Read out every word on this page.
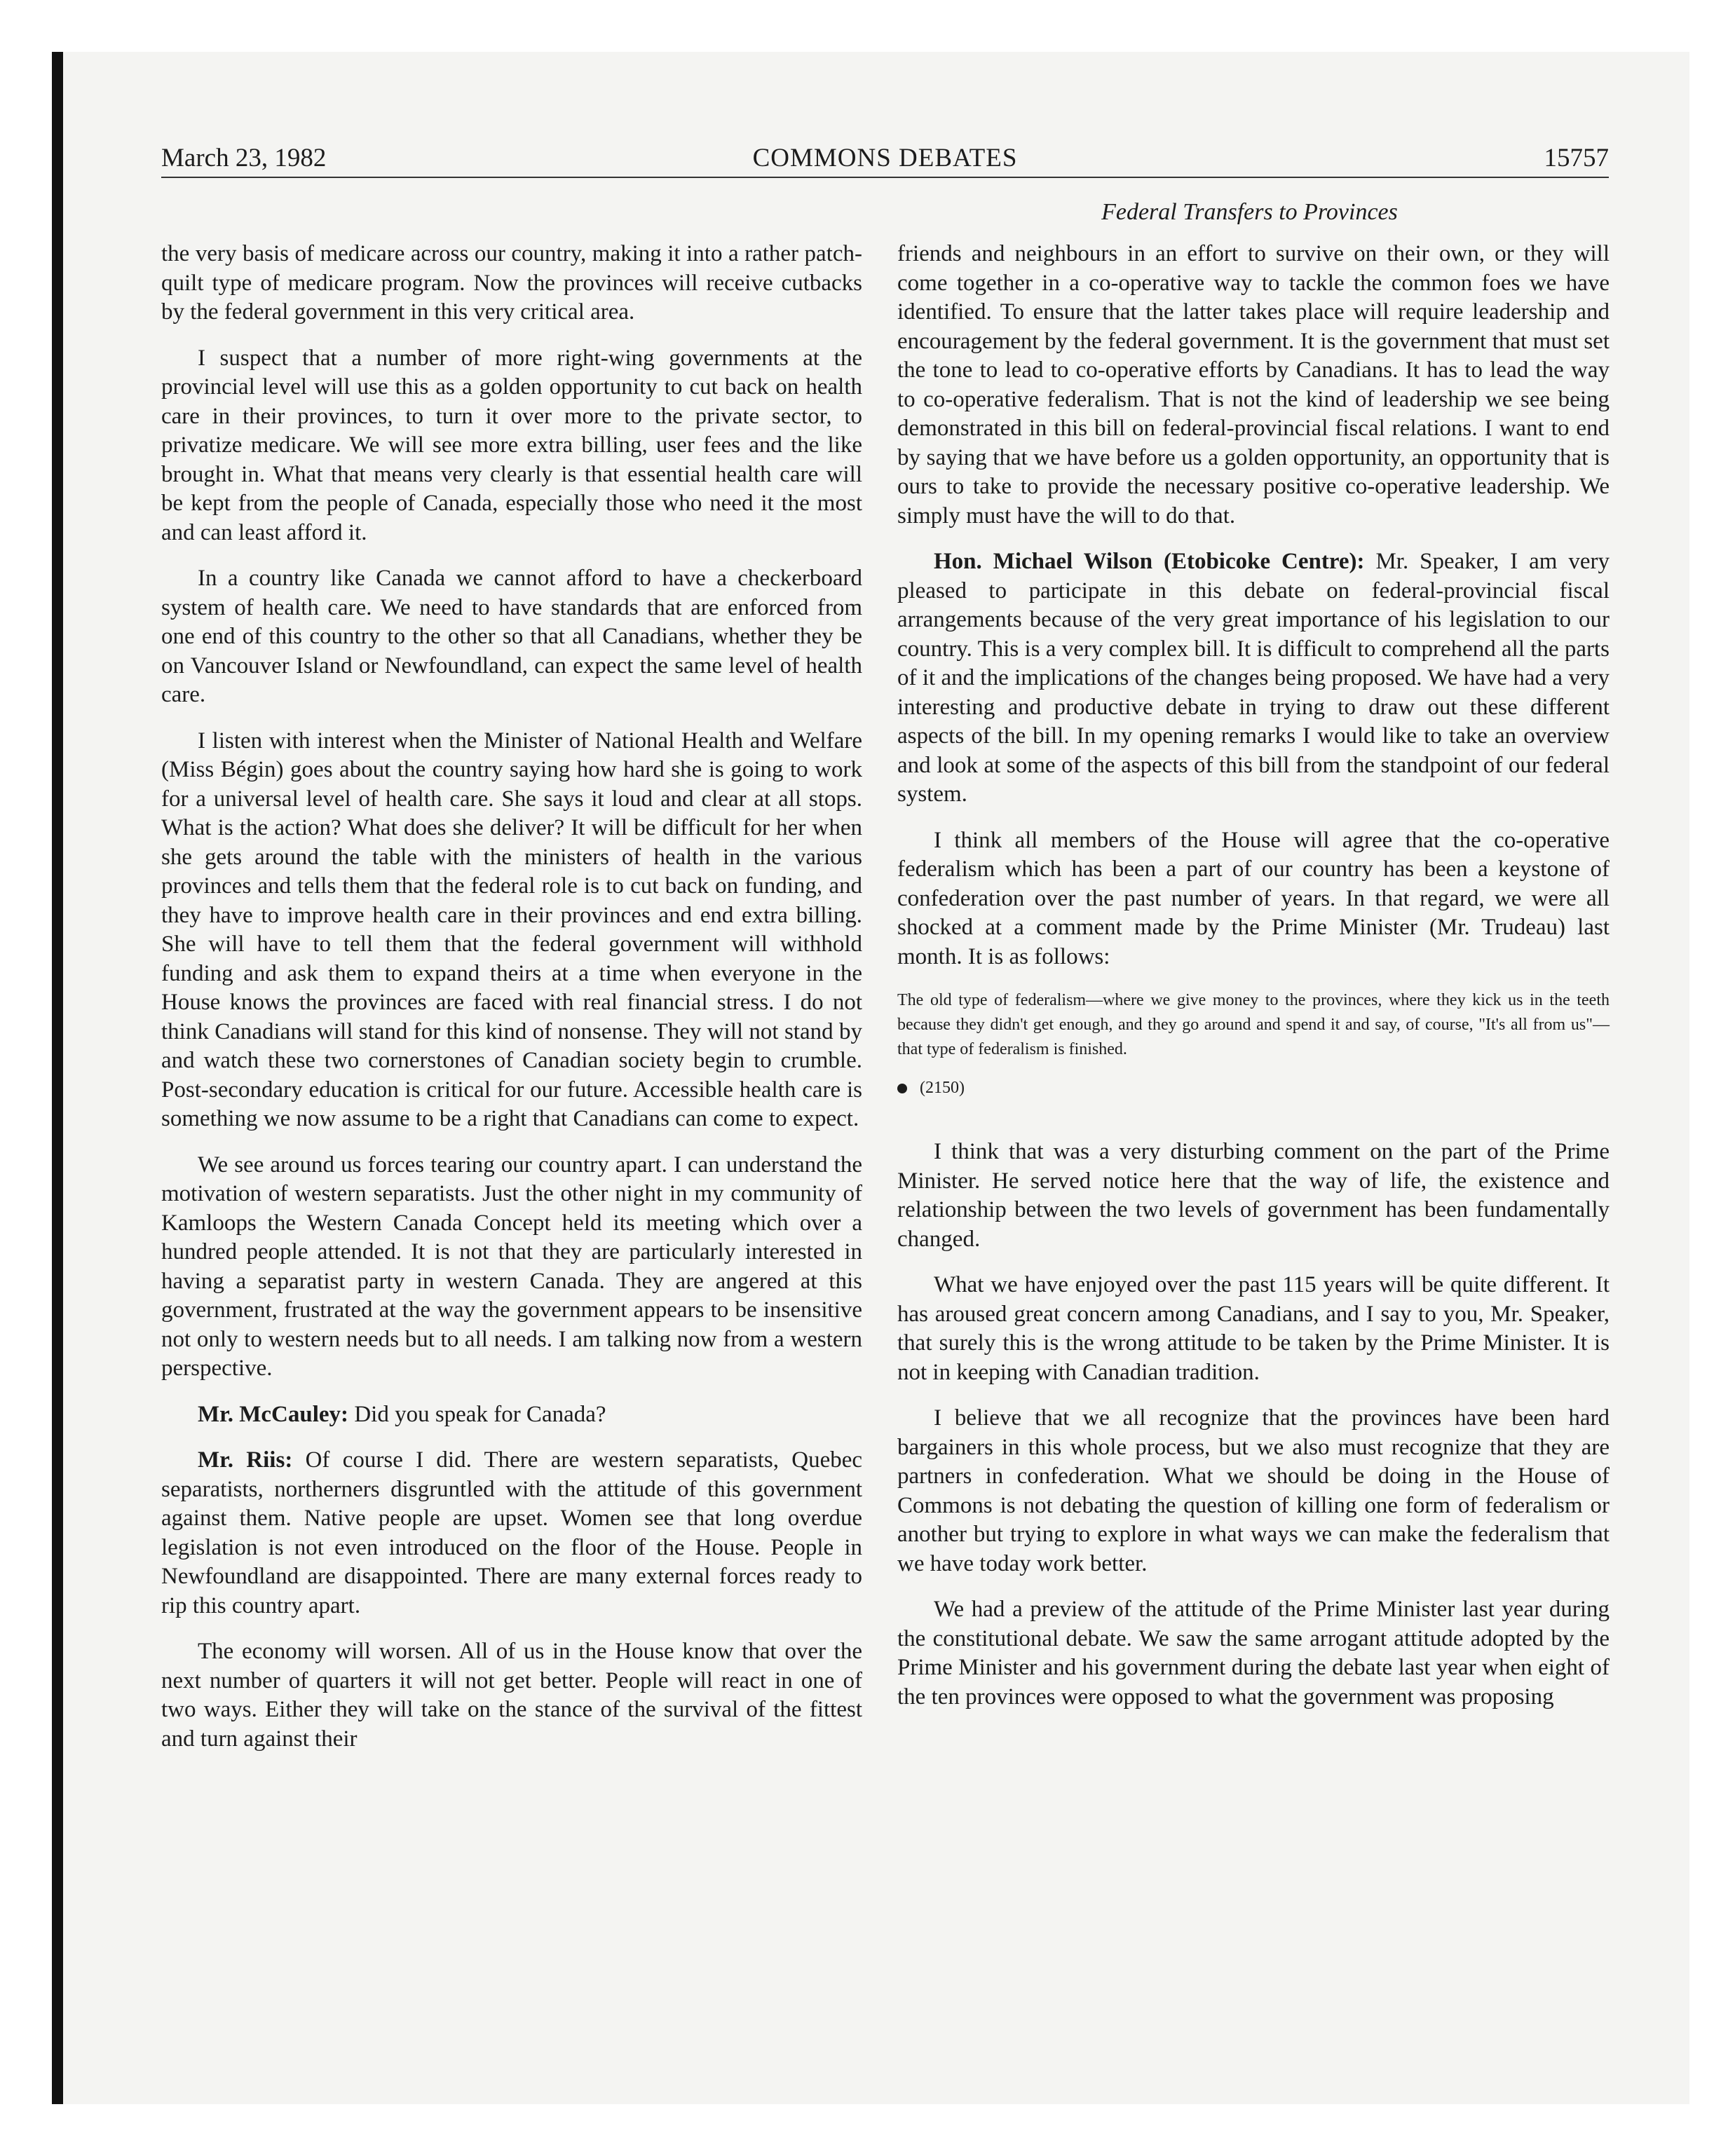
March 23, 1982	COMMONS DEBATES	15757
Federal Transfers to Provinces

the very basis of medicare across our country, making it into a rather patch-quilt type of medicare program. Now the provinces will receive cutbacks by the federal government in this very critical area.

I suspect that a number of more right-wing governments at the provincial level will use this as a golden opportunity to cut back on health care in their provinces, to turn it over more to the private sector, to privatize medicare. We will see more extra billing, user fees and the like brought in. What that means very clearly is that essential health care will be kept from the people of Canada, especially those who need it the most and can least afford it.

In a country like Canada we cannot afford to have a checkerboard system of health care. We need to have standards that are enforced from one end of this country to the other so that all Canadians, whether they be on Vancouver Island or Newfoundland, can expect the same level of health care.

I listen with interest when the Minister of National Health and Welfare (Miss Bégin) goes about the country saying how hard she is going to work for a universal level of health care. She says it loud and clear at all stops. What is the action? What does she deliver? It will be difficult for her when she gets around the table with the ministers of health in the various provinces and tells them that the federal role is to cut back on funding, and they have to improve health care in their provinces and end extra billing. She will have to tell them that the federal government will withhold funding and ask them to expand theirs at a time when everyone in the House knows the provinces are faced with real financial stress. I do not think Canadians will stand for this kind of nonsense. They will not stand by and watch these two cornerstones of Canadian society begin to crumble. Post-secondary education is critical for our future. Accessible health care is something we now assume to be a right that Canadians can come to expect.

We see around us forces tearing our country apart. I can understand the motivation of western separatists. Just the other night in my community of Kamloops the Western Canada Concept held its meeting which over a hundred people attended. It is not that they are particularly interested in having a separatist party in western Canada. They are angered at this government, frustrated at the way the government appears to be insensitive not only to western needs but to all needs. I am talking now from a western perspective.

Mr. McCauley: Did you speak for Canada?

Mr. Riis: Of course I did. There are western separatists, Quebec separatists, northerners disgruntled with the attitude of this government against them. Native people are upset. Women see that long overdue legislation is not even introduced on the floor of the House. People in Newfoundland are disappointed. There are many external forces ready to rip this country apart.

The economy will worsen. All of us in the House know that over the next number of quarters it will not get better. People will react in one of two ways. Either they will take on the stance of the survival of the fittest and turn against their

friends and neighbours in an effort to survive on their own, or they will come together in a co-operative way to tackle the common foes we have identified. To ensure that the latter takes place will require leadership and encouragement by the federal government. It is the government that must set the tone to lead to co-operative efforts by Canadians. It has to lead the way to co-operative federalism. That is not the kind of leadership we see being demonstrated in this bill on federal-provincial fiscal relations. I want to end by saying that we have before us a golden opportunity, an opportunity that is ours to take to provide the necessary positive co-operative leadership. We simply must have the will to do that.

Hon. Michael Wilson (Etobicoke Centre): Mr. Speaker, I am very pleased to participate in this debate on federal-provincial fiscal arrangements because of the very great importance of his legislation to our country. This is a very complex bill. It is difficult to comprehend all the parts of it and the implications of the changes being proposed. We have had a very interesting and productive debate in trying to draw out these different aspects of the bill. In my opening remarks I would like to take an overview and look at some of the aspects of this bill from the standpoint of our federal system.

I think all members of the House will agree that the co-operative federalism which has been a part of our country has been a keystone of confederation over the past number of years. In that regard, we were all shocked at a comment made by the Prime Minister (Mr. Trudeau) last month. It is as follows:

The old type of federalism—where we give money to the provinces, where they kick us in the teeth because they didn't get enough, and they go around and spend it and say, of course, "It's all from us"—that type of federalism is finished.

(2150)

I think that was a very disturbing comment on the part of the Prime Minister. He served notice here that the way of life, the existence and relationship between the two levels of government has been fundamentally changed.

What we have enjoyed over the past 115 years will be quite different. It has aroused great concern among Canadians, and I say to you, Mr. Speaker, that surely this is the wrong attitude to be taken by the Prime Minister. It is not in keeping with Canadian tradition.

I believe that we all recognize that the provinces have been hard bargainers in this whole process, but we also must recognize that they are partners in confederation. What we should be doing in the House of Commons is not debating the question of killing one form of federalism or another but trying to explore in what ways we can make the federalism that we have today work better.

We had a preview of the attitude of the Prime Minister last year during the constitutional debate. We saw the same arrogant attitude adopted by the Prime Minister and his government during the debate last year when eight of the ten provinces were opposed to what the government was proposing
